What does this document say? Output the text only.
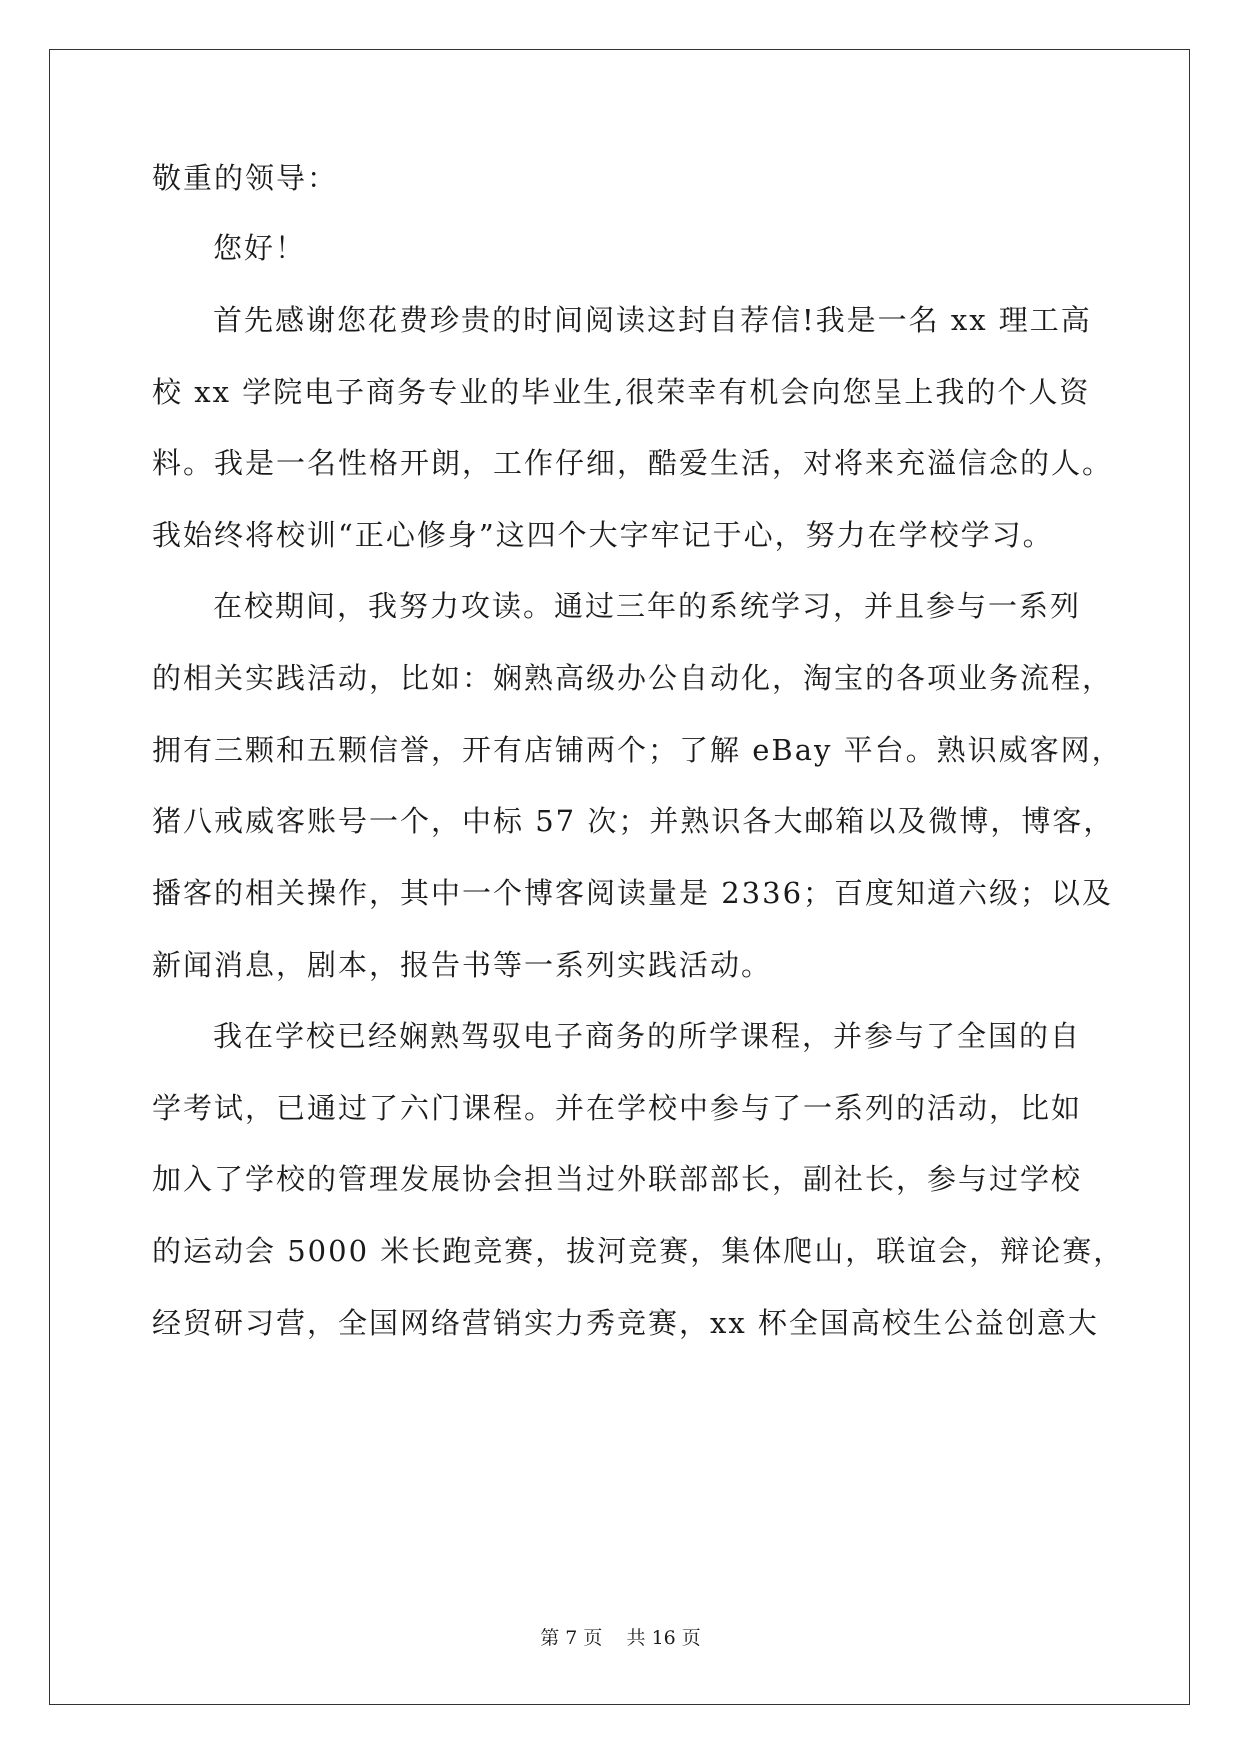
敬重的领导：
您好！
首先感谢您花费珍贵的时间阅读这封自荐信!我是一名 xx 理工高
校 xx 学院电子商务专业的毕业生,很荣幸有机会向您呈上我的个人资
料。我是一名性格开朗，工作仔细，酷爱生活，对将来充溢信念的人。
我始终将校训“正心修身”这四个大字牢记于心，努力在学校学习。
在校期间，我努力攻读。通过三年的系统学习，并且参与一系列
的相关实践活动，比如：娴熟高级办公自动化，淘宝的各项业务流程，
拥有三颗和五颗信誉，开有店铺两个；了解 eBay 平台。熟识威客网，
猪八戒威客账号一个，中标 57 次；并熟识各大邮箱以及微博，博客，
播客的相关操作，其中一个博客阅读量是 2336；百度知道六级；以及
新闻消息，剧本，报告书等一系列实践活动。
我在学校已经娴熟驾驭电子商务的所学课程，并参与了全国的自
学考试，已通过了六门课程。并在学校中参与了一系列的活动，比如
加入了学校的管理发展协会担当过外联部部长，副社长，参与过学校
的运动会 5000 米长跑竞赛，拔河竞赛，集体爬山，联谊会，辩论赛，
经贸研习营，全国网络营销实力秀竞赛，xx 杯全国高校生公益创意大
第 7 页    共 16 页
